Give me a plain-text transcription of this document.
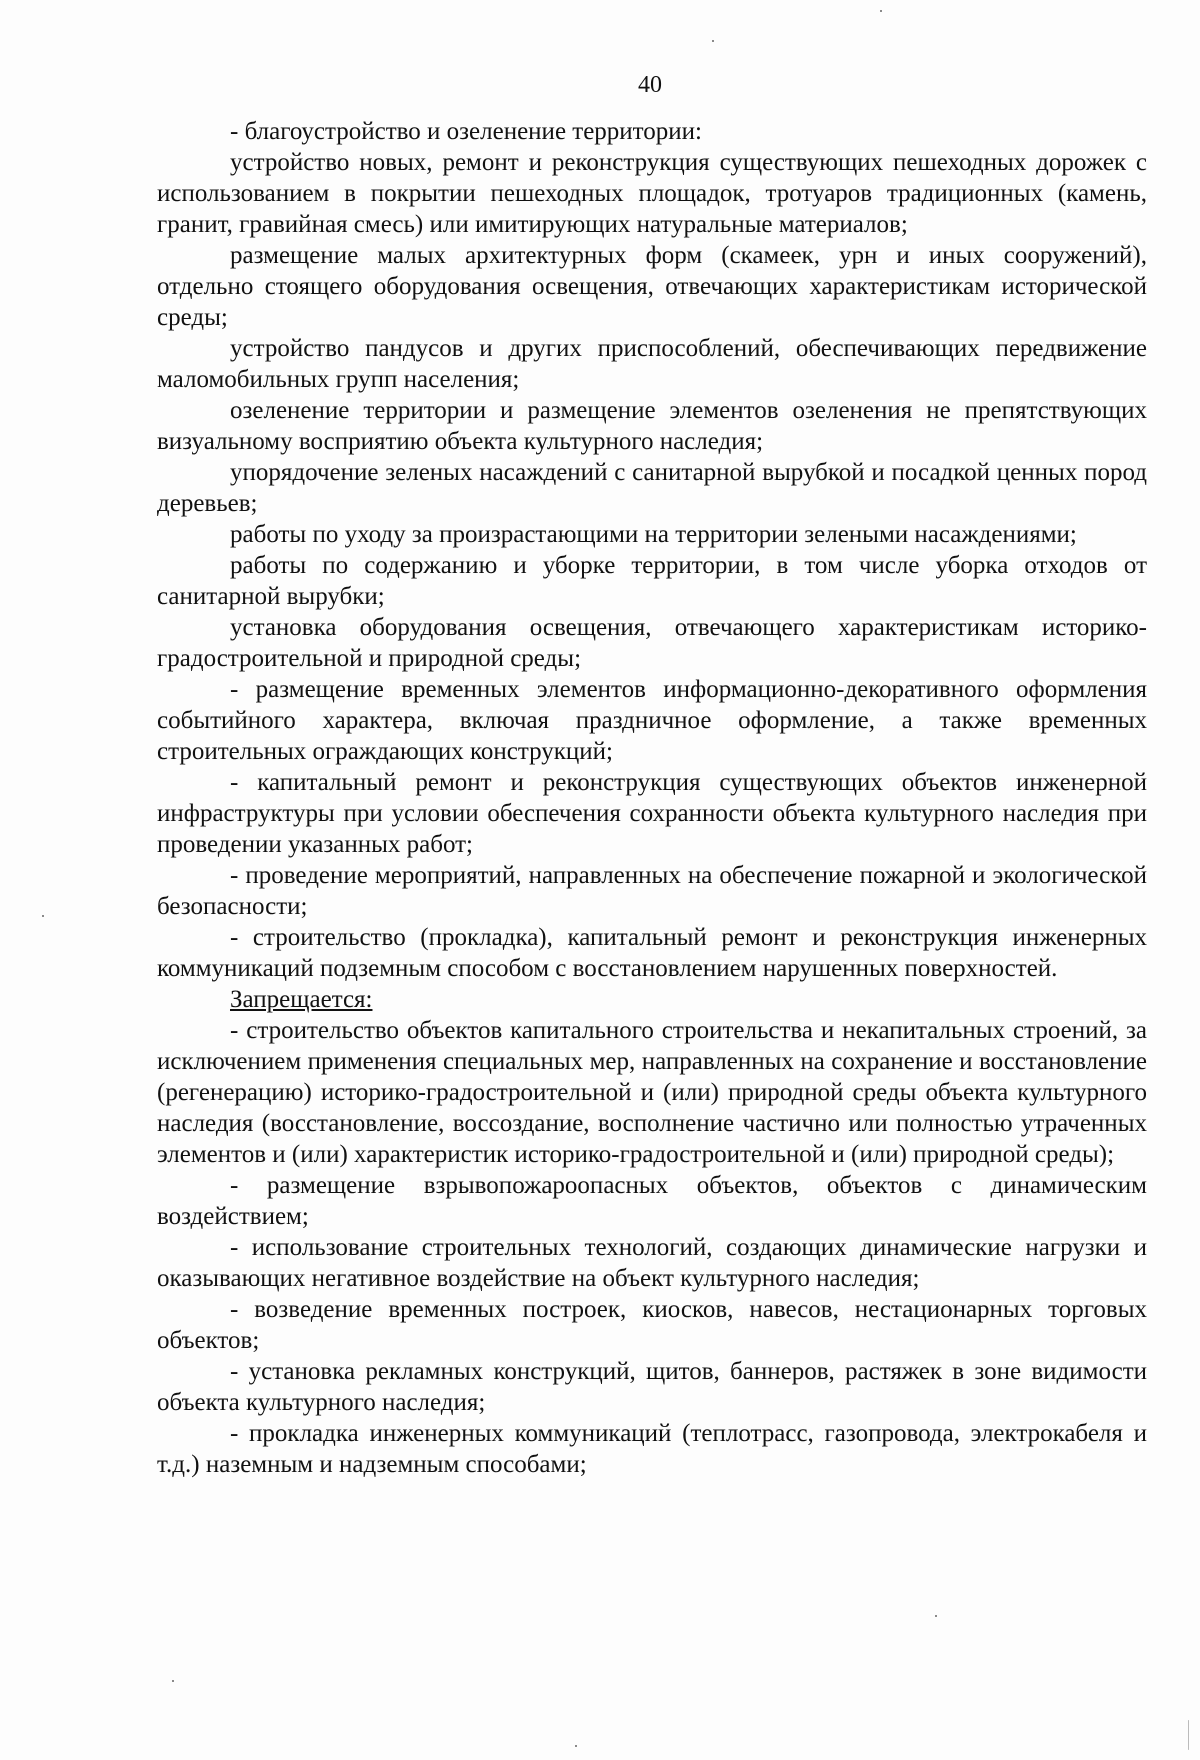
40

- благоустройство и озеленение территории:

устройство новых, ремонт и реконструкция существующих пешеходных дорожек с использованием в покрытии пешеходных площадок, тротуаров традиционных (камень, гранит, гравийная смесь) или имитирующих натуральные материалов;

размещение малых архитектурных форм (скамеек, урн и иных сооружений), отдельно стоящего оборудования освещения, отвечающих характеристикам исторической среды;

устройство пандусов и других приспособлений, обеспечивающих передвижение маломобильных групп населения;

озеленение территории и размещение элементов озеленения не препятствующих визуальному восприятию объекта культурного наследия;

упорядочение зеленых насаждений с санитарной вырубкой и посадкой ценных пород деревьев;

работы по уходу за произрастающими на территории зелеными насаждениями;

работы по содержанию и уборке территории, в том числе уборка отходов от санитарной вырубки;

установка оборудования освещения, отвечающего характеристикам историко-градостроительной и природной среды;

- размещение временных элементов информационно-декоративного оформления событийного характера, включая праздничное оформление, а также временных строительных ограждающих конструкций;

- капитальный ремонт и реконструкция существующих объектов инженерной инфраструктуры при условии обеспечения сохранности объекта культурного наследия при проведении указанных работ;

- проведение мероприятий, направленных на обеспечение пожарной и экологической безопасности;

- строительство (прокладка), капитальный ремонт и реконструкция инженерных коммуникаций подземным способом с восстановлением нарушенных поверхностей.

Запрещается:

- строительство объектов капитального строительства и некапитальных строений, за исключением применения специальных мер, направленных на сохранение и восстановление (регенерацию) историко-градостроительной и (или) природной среды объекта культурного наследия (восстановление, воссоздание, восполнение частично или полностью утраченных элементов и (или) характеристик историко-градостроительной и (или) природной среды);

- размещение взрывопожароопасных объектов, объектов с динамическим воздействием;

- использование строительных технологий, создающих динамические нагрузки и оказывающих негативное воздействие на объект культурного наследия;

- возведение временных построек, киосков, навесов, нестационарных торговых объектов;

- установка рекламных конструкций, щитов, баннеров, растяжек в зоне видимости объекта культурного наследия;

- прокладка инженерных коммуникаций (теплотрасс, газопровода, электрокабеля и т.д.) наземным и надземным способами;
